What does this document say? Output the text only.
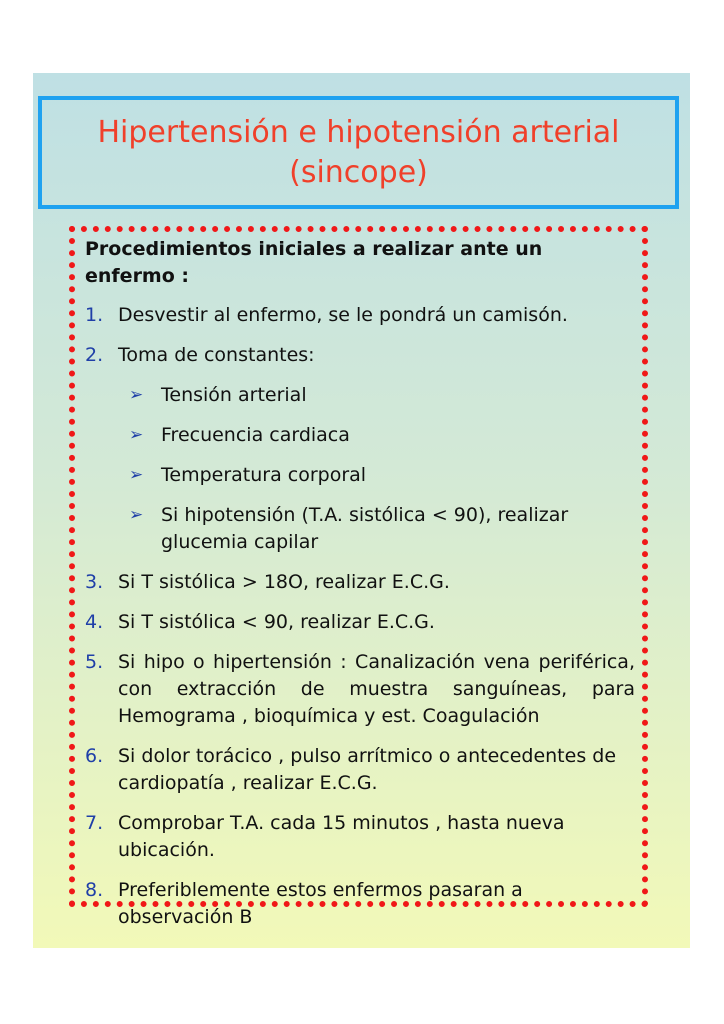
Hipertensión e hipotensión arterial
(sincope)
Procedimientos iniciales a realizar ante un enfermo :
1. Desvestir al enfermo, se le pondrá un camisón.
2. Toma de constantes:
➢ Tensión arterial
➢ Frecuencia cardiaca
➢ Temperatura corporal
➢ Si hipotensión (T.A. sistólica < 90), realizar glucemia capilar
3. Si T sistólica > 18O, realizar E.C.G.
4. Si T sistólica < 90, realizar E.C.G.
5. Si hipo o hipertensión : Canalización vena periférica, con extracción de muestra sanguíneas, para Hemograma , bioquímica y est. Coagulación
6. Si dolor torácico , pulso arrítmico o antecedentes de cardiopatía , realizar E.C.G.
7. Comprobar T.A. cada 15 minutos , hasta nueva ubicación.
8. Preferiblemente estos enfermos pasaran a observación B
